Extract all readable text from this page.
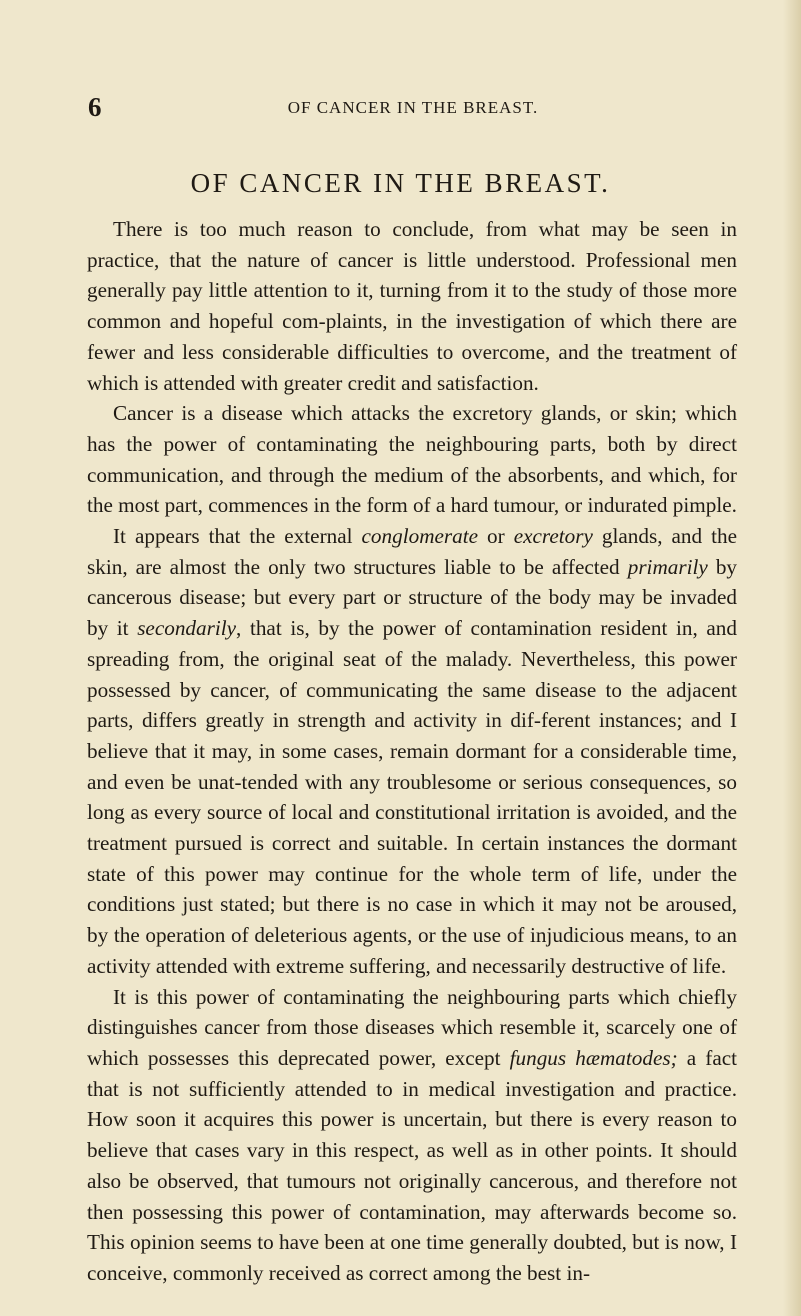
6	OF CANCER IN THE BREAST.
OF CANCER IN THE BREAST.

There is too much reason to conclude, from what may be seen in practice, that the nature of cancer is little understood. Professional men generally pay little attention to it, turning from it to the study of those more common and hopeful com-plaints, in the investigation of which there are fewer and less considerable difficulties to overcome, and the treatment of which is attended with greater credit and satisfaction.

Cancer is a disease which attacks the excretory glands, or skin; which has the power of contaminating the neighbouring parts, both by direct communication, and through the medium of the absorbents, and which, for the most part, commences in the form of a hard tumour, or indurated pimple.

It appears that the external conglomerate or excretory glands, and the skin, are almost the only two structures liable to be affected primarily by cancerous disease; but every part or structure of the body may be invaded by it secondarily, that is, by the power of contamination resident in, and spreading from, the original seat of the malady. Nevertheless, this power possessed by cancer, of communicating the same disease to the adjacent parts, differs greatly in strength and activity in dif-ferent instances; and I believe that it may, in some cases, remain dormant for a considerable time, and even be unat-tended with any troublesome or serious consequences, so long as every source of local and constitutional irritation is avoided, and the treatment pursued is correct and suitable. In certain instances the dormant state of this power may continue for the whole term of life, under the conditions just stated; but there is no case in which it may not be aroused, by the operation of deleterious agents, or the use of injudicious means, to an activity attended with extreme suffering, and necessarily destructive of life.

It is this power of contaminating the neighbouring parts which chiefly distinguishes cancer from those diseases which resemble it, scarcely one of which possesses this deprecated power, except fungus hæmatodes; a fact that is not sufficiently attended to in medical investigation and practice. How soon it acquires this power is uncertain, but there is every reason to believe that cases vary in this respect, as well as in other points. It should also be observed, that tumours not originally cancerous, and therefore not then possessing this power of contamination, may afterwards become so. This opinion seems to have been at one time generally doubted, but is now, I conceive, commonly received as correct among the best in-
